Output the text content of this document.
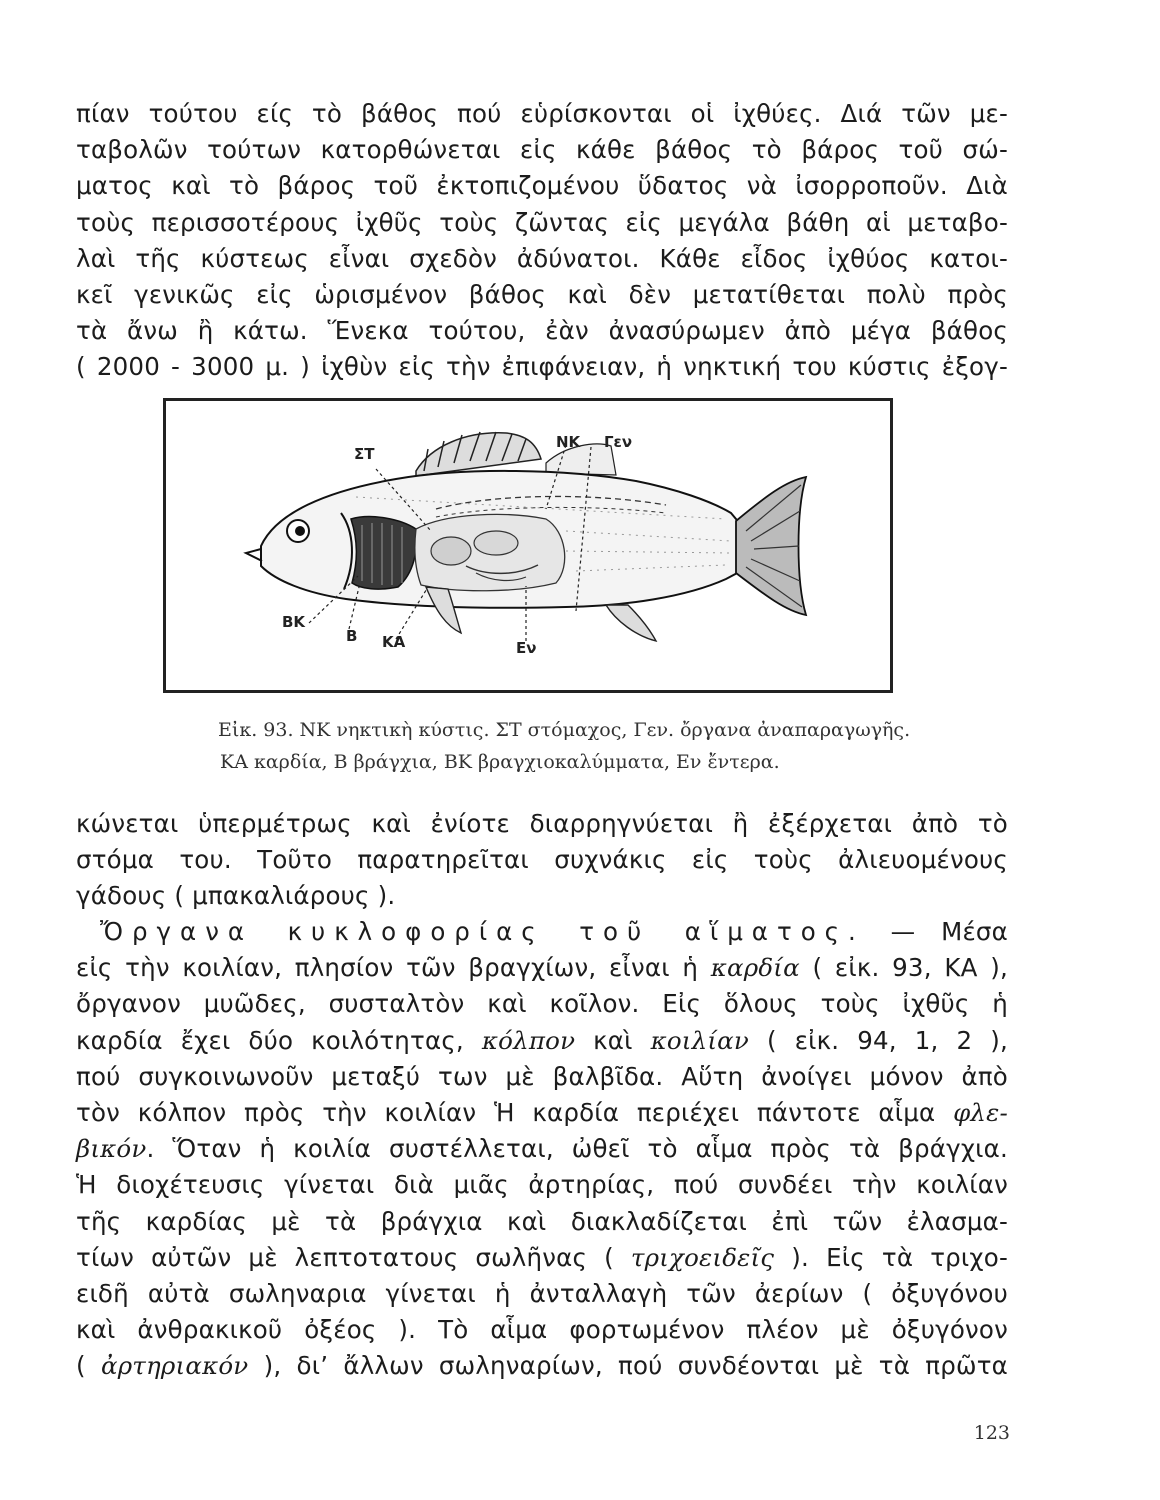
πίαν τούτου είς τὸ βάθος πού εὑρίσκονται οἱ ἰχθύες. Διά τῶν με-
ταβολῶν τούτων κατορθώνεται εἰς κάθε βάθος τὸ βάρος τοῦ σώ-
ματος καὶ τὸ βάρος τοῦ ἐκτοπιζομένου ὕδατος νὰ ἰσορροποῦν. Διὰ
τοὺς περισσοτέρους ἰχθῦς τοὺς ζῶντας εἰς μεγάλα βάθη αἱ μεταβο-
λαὶ τῆς κύστεως εἶναι σχεδὸν ἀδύνατοι. Κάθε εἶδος ἰχθύος κατοι-
κεῖ γενικῶς εἰς ὡρισμένον βάθος καὶ δὲν μετατίθεται πολὺ πρὸς
τὰ ἄνω ἢ κάτω. Ἕνεκα τούτου, ἐὰν ἀνασύρωμεν ἀπὸ μέγα βάθος
( 2000 - 3000 μ. ) ἰχθὺν εἰς τὴν ἐπιφάνειαν, ἡ νηκτική του κύστις ἐξογ-
ΣΤ
ΝΚ Γεν
ΒΚ
Β ΚΑ	Εν
Εἰκ. 93. ΝΚ νηκτικὴ κύστις. ΣΤ στόμαχος, Γεν. ὄργανα ἀναπαραγωγῆς.
ΚΑ καρδία, Β βράγχια, ΒΚ βραγχιοκαλύμματα, Εν ἔντερα.
κώνεται ὑπερμέτρως καὶ ἐνίοτε διαρρηγνύεται ἢ ἐξέρχεται ἀπὸ τὸ
στόμα του. Τοῦτο παρατηρεῖται συχνάκις εἰς τοὺς ἀλιευομένους
γάδους ( μπακαλιάρους ).
Ὄργανα κυκλοφορίας τοῦ αἵματος. — Μέσα
εἰς τὴν κοιλίαν, πλησίον τῶν βραγχίων, εἶναι ἡ καρδία ( εἰκ. 93, ΚΑ ),
ὄργανον μυῶδες, συσταλτὸν καὶ κοῖλον. Εἰς ὅλους τοὺς ἰχθῦς ἡ
καρδία ἔχει δύο κοιλότητας, κόλπον καὶ κοιλίαν ( εἰκ. 94, 1, 2 ),
πού συγκοινωνοῦν μεταξύ των μὲ βαλβῖδα. Αὕτη ἀνοίγει μόνον ἀπὸ
τὸν κόλπον πρὸς τὴν κοιλίαν Ἡ καρδία περιέχει πάντοτε αἷμα φλε-
βικόν. Ὅταν ἡ κοιλία συστέλλεται, ὠθεῖ τὸ αἷμα πρὸς τὰ βράγχια.
Ἡ διοχέτευσις γίνεται διὰ μιᾶς ἀρτηρίας, πού συνδέει τὴν κοιλίαν
τῆς καρδίας μὲ τὰ βράγχια καὶ διακλαδίζεται ἐπὶ τῶν ἐλασμα-
τίων αὐτῶν μὲ λεπτοτατους σωλῆνας ( τριχοειδεῖς ). Εἰς τὰ τριχο-
ειδῆ αὐτὰ σωληναρια γίνεται ἡ ἀνταλλαγὴ τῶν ἀερίων ( ὀξυγόνου
καὶ ἀνθρακικοῦ ὀξέος ). Τὸ αἷμα φορτωμένον πλέον μὲ ὀξυγόνον
( ἀρτηριακόν ), δι’ ἄλλων σωληναρίων, πού συνδέονται μὲ τὰ πρῶτα
123
